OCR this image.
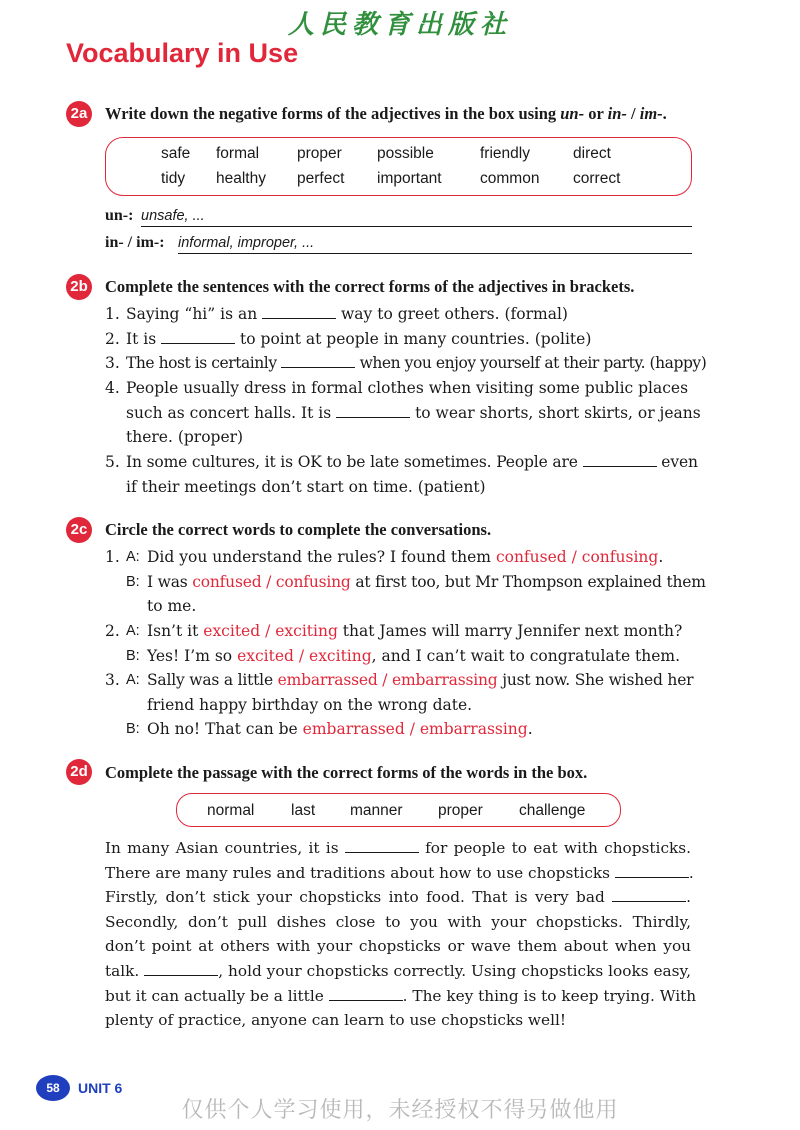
人民教育出版社
Vocabulary in Use
2a Write down the negative forms of the adjectives in the box using un- or in- / im-.
safe formal proper possible	friendly	direct
tidy healthy perfect important common correct
un-: unsafe, ...
in- / im-: informal, improper, ...
2b Complete the sentences with the correct forms of the adjectives in brackets.
1. Saying “hi” is an	way to greet others. (formal)
2. It is	to point at people in many countries. (polite)
3. The host is certainly	when you enjoy yourself at their party. (happy)
4. People usually dress in formal clothes when visiting some public places
such as concert halls. It is	to wear shorts, short skirts, or jeans
there. (proper)
5. In some cultures, it is OK to be late sometimes. People are	even
if their meetings don’t start on time. (patient)
2c Circle the correct words to complete the conversations.
1. A: Did you understand the rules? I found them confused / confusing.
B: I was confused / confusing at first too, but Mr Thompson explained them
to me.
2. A: Isn’t it excited / exciting that James will marry Jennifer next month?
B: Yes! I’m so excited / exciting, and I can’t wait to congratulate them.
3. A: Sally was a little embarrassed / embarrassing just now. She wished her
friend happy birthday on the wrong date.
B: Oh no! That can be embarrassed / embarrassing.
2d Complete the passage with the correct forms of the words in the box.
normal last manner proper challenge
In many Asian countries, it is	for people to eat with chopsticks.
There are many rules and traditions about how to use chopsticks	.
Firstly, don’t stick your chopsticks into food. That is very bad	.
Secondly, don’t pull dishes close to you with your chopsticks. Thirdly,
don’t point at others with your chopsticks or wave them about when you
talk.	, hold your chopsticks correctly. Using chopsticks looks easy,
but it can actually be a little	. The key thing is to keep trying. With
plenty of practice, anyone can learn to use chopsticks well!
58	UNIT 6
仅供个人学习使用，未经授权不得另做他用
